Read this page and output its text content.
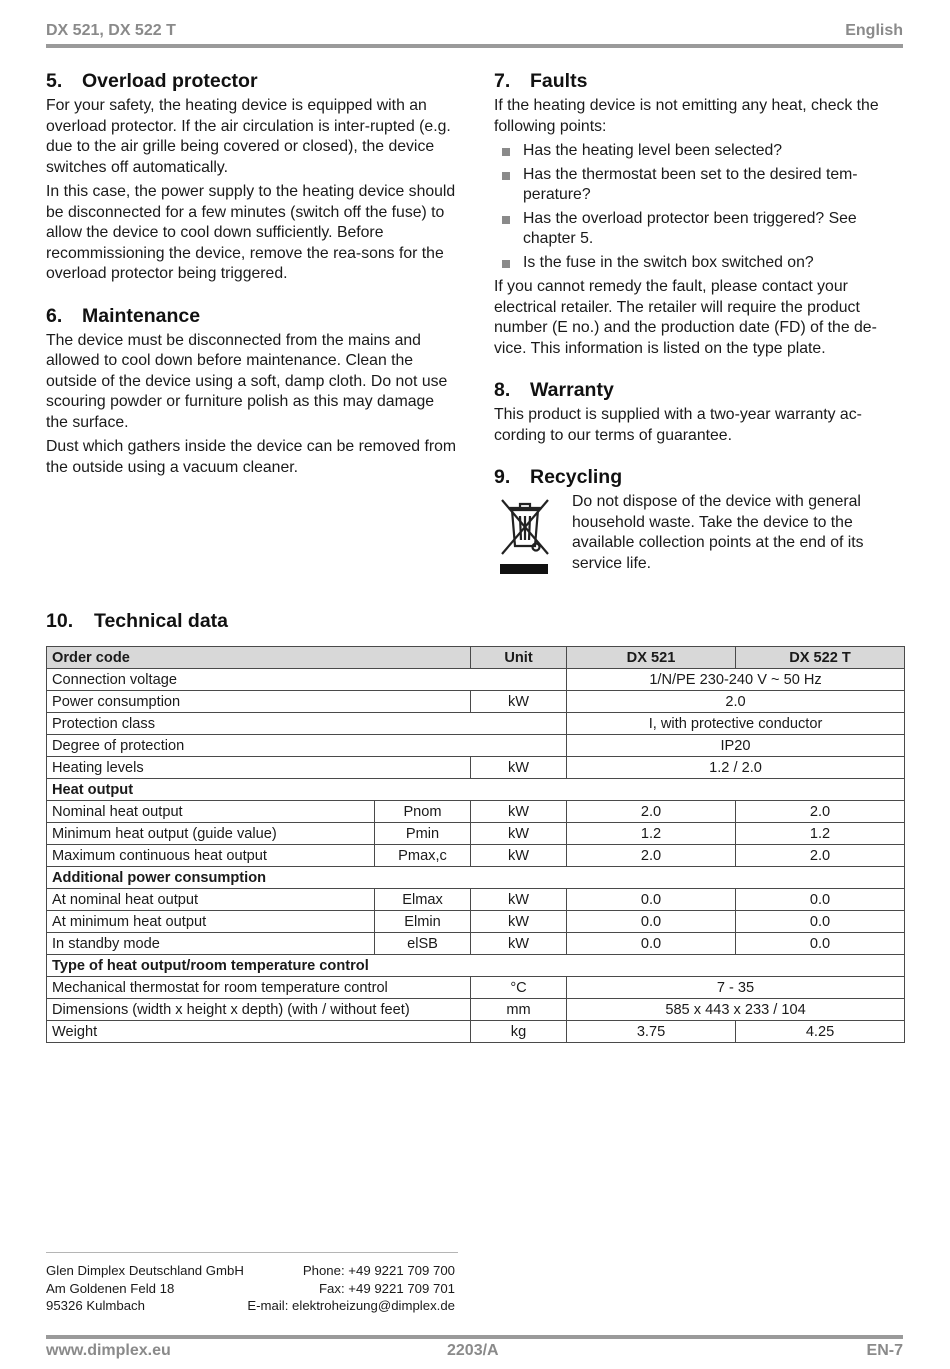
DX 521, DX 522 T	English
5. Overload protector

For your safety, the heating device is equipped with an overload protector. If the air circulation is inter-rupted (e.g. due to the air grille being covered or closed), the device switches off automatically.

In this case, the power supply to the heating device should be disconnected for a few minutes (switch off the fuse) to allow the device to cool down sufficiently. Before recommissioning the device, remove the rea-sons for the overload protector being triggered.

6. Maintenance

The device must be disconnected from the mains and allowed to cool down before maintenance. Clean the outside of the device using a soft, damp cloth. Do not use scouring powder or furniture polish as this may damage the surface.

Dust which gathers inside the device can be removed from the outside using a vacuum cleaner.

7. Faults

If the heating device is not emitting any heat, check the following points:

Has the heating level been selected?
Has the thermostat been set to the desired tem-perature?
Has the overload protector been triggered? See chapter 5.
Is the fuse in the switch box switched on?

If you cannot remedy the fault, please contact your electrical retailer. The retailer will require the product number (E no.) and the production date (FD) of the de-vice. This information is listed on the type plate.

8. Warranty

This product is supplied with a two-year warranty ac-cording to our terms of guarantee.

9. Recycling

Do not dispose of the device with general household waste. Take the device to the available collection points at the end of its service life.

10. Technical data
Order code		Unit	DX 521	DX 522 T
Connection voltage			1/N/PE 230-240 V ~ 50 Hz	
Power consumption		kW	2.0	
Protection class			I, with protective conductor	
Degree of protection			IP20	
Heating levels		kW	1.2 / 2.0	
Heat output				
Nominal heat output	Pnom	kW	2.0	2.0
Minimum heat output (guide value)	Pmin	kW	1.2	1.2
Maximum continuous heat output	Pmax,c	kW	2.0	2.0
Additional power consumption				
At nominal heat output	Elmax	kW	0.0	0.0
At minimum heat output	Elmin	kW	0.0	0.0
In standby mode	elSB	kW	0.0	0.0
Type of heat output/room temperature control				
Mechanical thermostat for room temperature control		°C	7 - 35	
Dimensions (width x height x depth) (with / without feet)		mm	585 x 443 x 233 / 104	
Weight		kg	3.75	4.25
Glen Dimplex Deutschland GmbH	Phone: +49 9221 709 700
Am Goldenen Feld 18	Fax: +49 9221 709 701
95326 Kulmbach	E-mail: elektroheizung@dimplex.de
www.dimplex.eu	2203/A	EN-7
